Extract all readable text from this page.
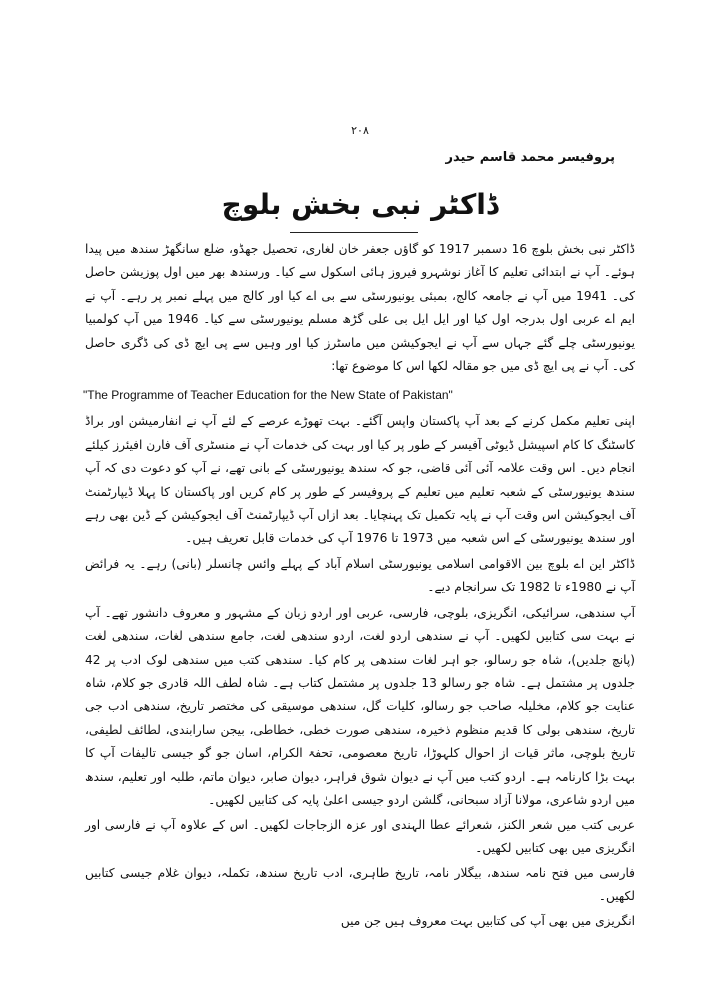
۲۰۸
پروفیسر محمد قاسم حیدر
ڈاکٹر نبی بخش بلوچ

ڈاکٹر نبی بخش بلوچ 16 دسمبر 1917 کو گاؤں جعفر خان لغاری، تحصیل جھڈو، ضلع سانگھڑ سندھ میں پیدا ہوئے۔ آپ نے ابتدائی تعلیم کا آغاز نوشہرو فیروز ہائی اسکول سے کیا۔ ورسندھ بھر میں اول پوزیشن حاصل کی۔ 1941 میں آپ نے جامعہ کالج، بمبئی یونیورسٹی سے بی اے کیا اور کالج میں پہلے نمبر پر رہے۔ آپ نے ایم اے عربی اول بدرجہ اول کیا اور ایل ایل بی علی گڑھ مسلم یونیورسٹی سے کیا۔ 1946 میں آپ کولمبیا یونیورسٹی چلے گئے جہاں سے آپ نے ایجوکیشن میں ماسٹرز کیا اور وہیں سے پی ایچ ڈی کی ڈگری حاصل کی۔ آپ نے پی ایچ ڈی میں جو مقالہ لکھا اس کا موضوع تھا:

"The Programme of Teacher Education for the New State of Pakistan"

اپنی تعلیم مکمل کرنے کے بعد آپ پاکستان واپس آگئے۔ بہت تھوڑے عرصے کے لئے آپ نے انفارمیشن اور براڈ کاسٹنگ کا کام اسپیشل ڈیوٹی آفیسر کے طور پر کیا اور بہت کی خدمات آپ نے منسٹری آف فارن افیئرز کیلئے انجام دیں۔ اس وقت علامہ آئی آئی قاضی، جو کہ سندھ یونیورسٹی کے بانی تھے، نے آپ کو دعوت دی کہ آپ سندھ یونیورسٹی کے شعبہ تعلیم میں تعلیم کے پروفیسر کے طور پر کام کریں اور پاکستان کا پہلا ڈیپارٹمنٹ آف ایجوکیشن اس وقت آپ نے پایہ تکمیل تک پہنچایا۔ بعد ازاں آپ ڈیپارٹمنٹ آف ایجوکیشن کے ڈین بھی رہے اور سندھ یونیورسٹی کے اس شعبہ میں 1973 تا 1976 آپ کی خدمات قابل تعریف ہیں۔

ڈاکٹر این اے بلوچ بین الاقوامی اسلامی یونیورسٹی اسلام آباد کے پہلے وائس چانسلر (بانی) رہے۔ یہ فرائض آپ نے 1980ء تا 1982 تک سرانجام دیے۔

آپ سندھی، سرائیکی، انگریزی، بلوچی، فارسی، عربی اور اردو زبان کے مشہور و معروف دانشور تھے۔ آپ نے بہت سی کتابیں لکھیں۔ آپ نے سندھی اردو لغت، اردو سندھی لغت، جامع سندھی لغات، سندھی لغت (پانچ جلدیں)، شاہ جو رسالو، جو اہر لغات سندھی پر کام کیا۔ سندھی کتب میں سندھی لوک ادب پر 42 جلدوں پر مشتمل ہے۔ شاہ جو رسالو 13 جلدوں پر مشتمل کتاب ہے۔ شاہ لطف اللہ قادری جو کلام، شاہ عنایت جو کلام، مخلیلہ صاحب جو رسالو، کلیات گل، سندھی موسیقی کی مختصر تاریخ، سندھی ادب جی تاریخ، سندھی بولی کا قدیم منظوم ذخیرہ، سندھی صورت خطی، خطاطی، بیجن سارابندی، لطائف لطیفی، تاریخ بلوچی، ماثر قیات از احوال کلہوڑا، تاریخ معصومی، تحفۃ الکرام، اسان جو گو جیسی تالیفات آپ کا بہت بڑا کارنامہ ہے۔ اردو کتب میں آپ نے دیوان شوق فراہر، دیوان صابر، دیوان ماتم، طلبہ اور تعلیم، سندھ میں اردو شاعری، مولانا آزاد سبحانی، گلشن اردو جیسی اعلیٰ پایہ کی کتابیں لکھیں۔

عربی کتب میں شعر الکنز، شعرائے عطا الہندی اور عزہ الزجاجات لکھیں۔ اس کے علاوہ آپ نے فارسی اور انگریزی میں بھی کتابیں لکھیں۔

فارسی میں فتح نامہ سندھ، بیگلار نامہ، تاریخ طاہری، ادب تاریخ سندھ، تکملہ، دیوان غلام جیسی کتابیں لکھیں۔

انگریزی میں بھی آپ کی کتابیں بہت معروف ہیں جن میں
